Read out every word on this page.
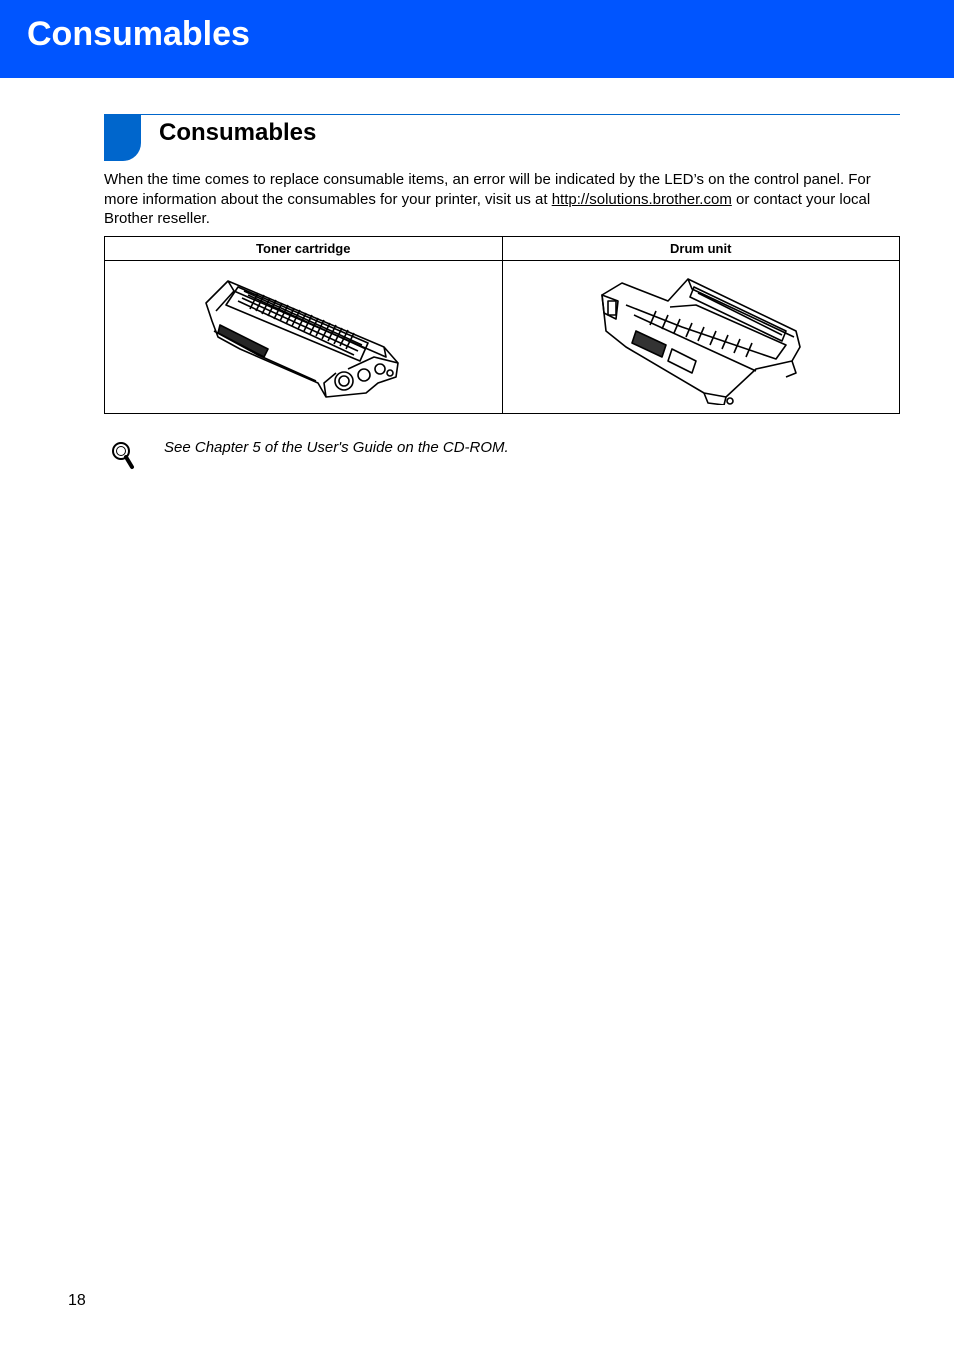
Consumables
Consumables

When the time comes to replace consumable items, an error will be indicated by the LED’s on the control panel. For more information about the consumables for your printer, visit us at http://solutions.brother.com or contact your local Brother reseller.

Toner cartridge	Drum unit

See Chapter 5 of the User's Guide on the CD-ROM.

18
